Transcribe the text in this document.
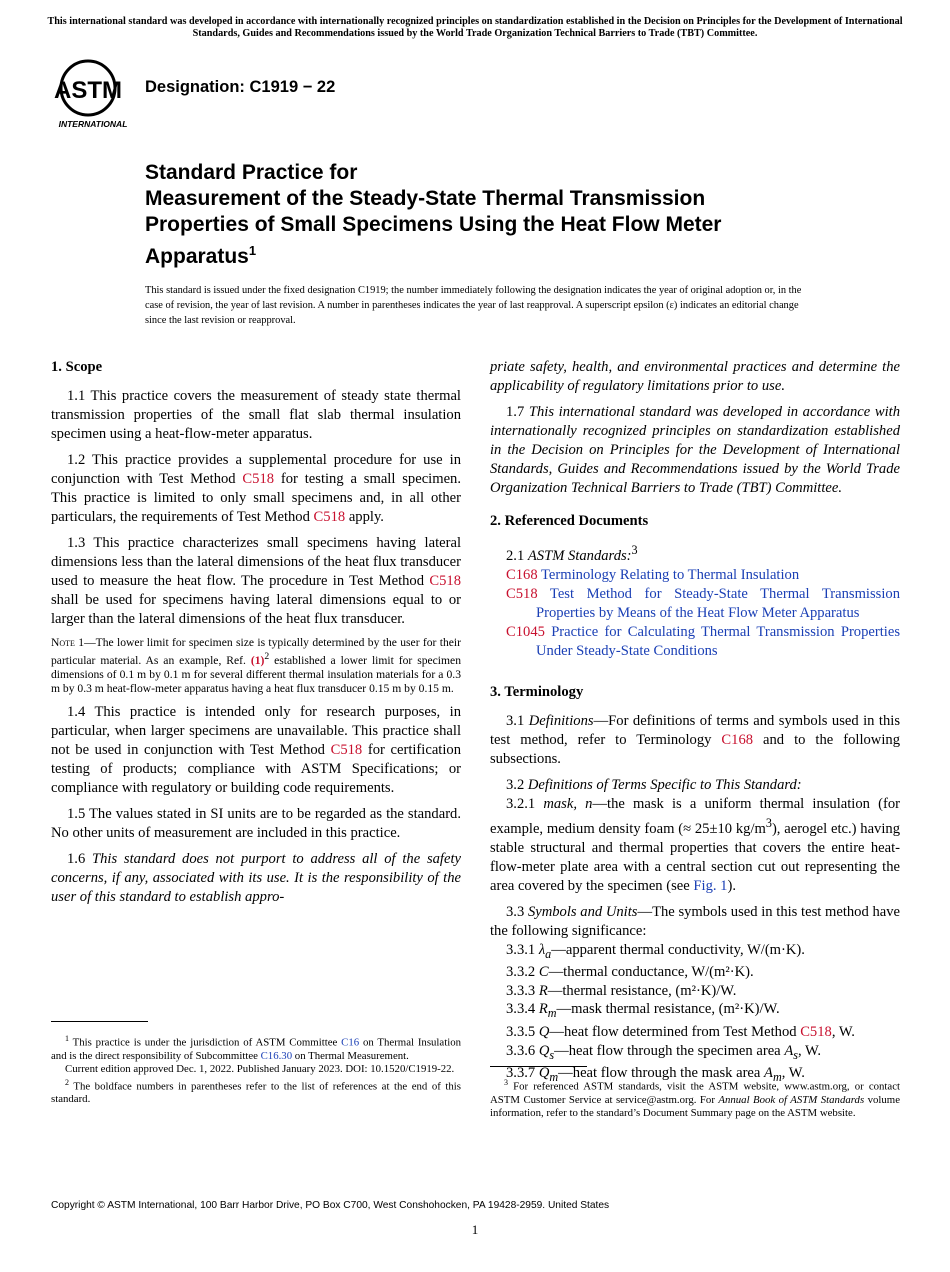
This international standard was developed in accordance with internationally recognized principles on standardization established in the Decision on Principles for the Development of International Standards, Guides and Recommendations issued by the World Trade Organization Technical Barriers to Trade (TBT) Committee.
ASTM
INTERNATIONAL
Designation: C1919 − 22
Standard Practice for
Measurement of the Steady-State Thermal Transmission
Properties of Small Specimens Using the Heat Flow Meter
Apparatus$^1$
This standard is issued under the fixed designation C1919; the number immediately following the designation indicates the year of original adoption or, in the case of revision, the year of last revision. A number in parentheses indicates the year of last reapproval. A superscript epsilon (ε) indicates an editorial change since the last revision or reapproval.
1. Scope

1.1 This practice covers the measurement of steady state thermal transmission properties of the small flat slab thermal insulation specimen using a heat-flow-meter apparatus.

1.2 This practice provides a supplemental procedure for use in conjunction with Test Method C518 for testing a small specimen. This practice is limited to only small specimens and, in all other particulars, the requirements of Test Method C518 apply.

1.3 This practice characterizes small specimens having lateral dimensions less than the lateral dimensions of the heat flux transducer used to measure the heat flow. The procedure in Test Method C518 shall be used for specimens having lateral dimensions equal to or larger than the lateral dimensions of the heat flux transducer.

Note 1—The lower limit for specimen size is typically determined by the user for their particular material. As an example, Ref. $(1)^2$ established a lower limit for specimen dimensions of 0.1 m by 0.1 m for several different thermal insulation materials for a 0.3 m by 0.3 m heat-flow-meter apparatus having a heat flux transducer 0.15 m by 0.15 m.

1.4 This practice is intended only for research purposes, in particular, when larger specimens are unavailable. This practice shall not be used in conjunction with Test Method C518 for certification testing of products; compliance with ASTM Specifications; or compliance with regulatory or building code requirements.

1.5 The values stated in SI units are to be regarded as the standard. No other units of measurement are included in this practice.

1.6 This standard does not purport to address all of the safety concerns, if any, associated with its use. It is the responsibility of the user of this standard to establish appro-

$^1$ This practice is under the jurisdiction of ASTM Committee C16 on Thermal Insulation and is the direct responsibility of Subcommittee C16.30 on Thermal Measurement.

Current edition approved Dec. 1, 2022. Published January 2023. DOI: 10.1520/C1919-22.

$^2$ The boldface numbers in parentheses refer to the list of references at the end of this standard.

priate safety, health, and environmental practices and determine the applicability of regulatory limitations prior to use.

1.7 This international standard was developed in accordance with internationally recognized principles on standardization established in the Decision on Principles for the Development of International Standards, Guides and Recommendations issued by the World Trade Organization Technical Barriers to Trade (TBT) Committee.

2. Referenced Documents
2.1 ASTM Standards:$^3$
C168 Terminology Relating to Thermal Insulation
C518 Test Method for Steady-State Thermal Transmission Properties by Means of the Heat Flow Meter Apparatus
C1045 Practice for Calculating Thermal Transmission Properties Under Steady-State Conditions
3. Terminology

3.1 Definitions—For definitions of terms and symbols used in this test method, refer to Terminology C168 and to the following subsections.

3.2 Definitions of Terms Specific to This Standard:

3.2.1 mask, n—the mask is a uniform thermal insulation (for example, medium density foam (≈ 25±10 $kg/m^3$), aerogel etc.) having stable structural and thermal properties that covers the entire heat-flow-meter plate area with a central section cut out representing the area covered by the specimen (see Fig. 1).

3.3 Symbols and Units—The symbols used in this test method have the following significance:

3.3.1 $\lambda_a—apparent$ thermal conductivity, W/(m·K).
3.3.2 C—thermal conductance, W/(m²·K).
3.3.3 R—thermal resistance, (m²·K)/W.
3.3.4 $R_m—mask$ thermal resistance, (m²·K)/W.
3.3.5 Q—heat flow determined from Test Method C518, W.
3.3.6 $Q_s—heat$ flow through the specimen area $A_s$, W.
3.3.7 $Q_m—heat$ flow through the mask area $A_m$, W.

$^3$ For referenced ASTM standards, visit the ASTM website, www.astm.org, or contact ASTM Customer Service at service@astm.org. For Annual Book of ASTM Standards volume information, refer to the standard’s Document Summary page on the ASTM website.

Copyright © ASTM International, 100 Barr Harbor Drive, PO Box C700, West Conshohocken, PA 19428-2959. United States
1
